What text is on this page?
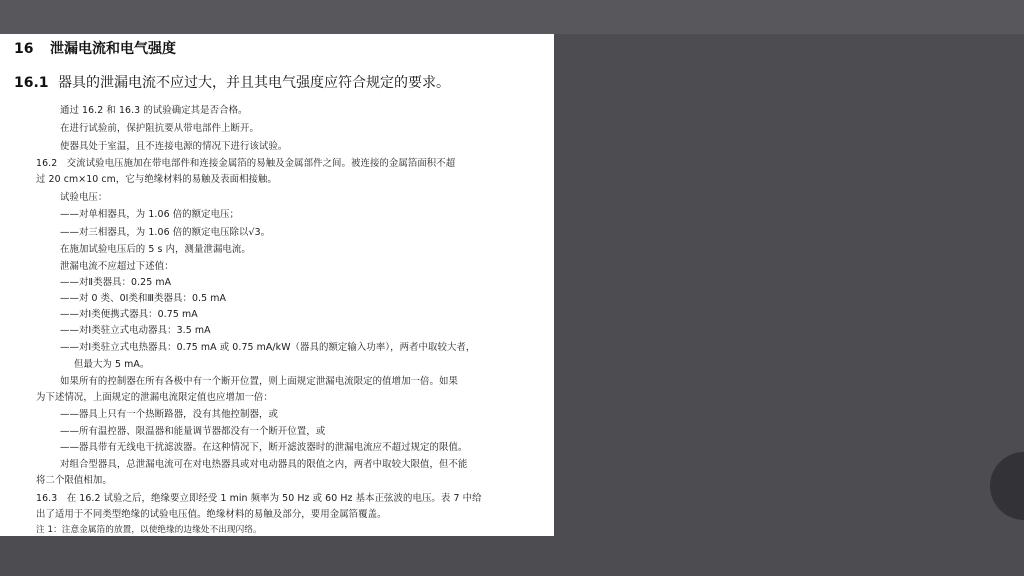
16 泄漏电流和电气强度
16.1 器具的泄漏电流不应过大，并且其电气强度应符合规定的要求。
通过 16.2 和 16.3 的试验确定其是否合格。
在进行试验前，保护阻抗要从带电部件上断开。
使器具处于室温，且不连接电源的情况下进行该试验。
16.2　交流试验电压施加在带电部件和连接金属箔的易触及金属部件之间。被连接的金属箔面积不超
过 20 cm×10 cm，它与绝缘材料的易触及表面相接触。
试验电压：
——对单相器具，为 1.06 倍的额定电压；
——对三相器具，为 1.06 倍的额定电压除以√3。
在施加试验电压后的 5 s 内，测量泄漏电流。
泄漏电流不应超过下述值：
——对Ⅱ类器具：0.25 mA
——对 0 类、0Ⅰ类和Ⅲ类器具：0.5 mA
——对Ⅰ类便携式器具：0.75 mA
——对Ⅰ类驻立式电动器具：3.5 mA
——对Ⅰ类驻立式电热器具：0.75 mA 或 0.75 mA/kW（器具的额定输入功率），两者中取较大者，
但最大为 5 mA。
如果所有的控制器在所有各极中有一个断开位置，则上面规定泄漏电流限定的值增加一倍。如果
为下述情况，上面规定的泄漏电流限定值也应增加一倍：
——器具上只有一个热断路器，没有其他控制器，或
——所有温控器、限温器和能量调节器都没有一个断开位置，或
——器具带有无线电干扰滤波器。在这种情况下，断开滤波器时的泄漏电流应不超过规定的限值。
对组合型器具，总泄漏电流可在对电热器具或对电动器具的限值之内，两者中取较大限值，但不能
将二个限值相加。
16.3　在 16.2 试验之后，绝缘要立即经受 1 min 频率为 50 Hz 或 60 Hz 基本正弦波的电压。表 7 中给
出了适用于不同类型绝缘的试验电压值。绝缘材料的易触及部分，要用金属箔覆盖。
注 1：注意金属箔的放置，以使绝缘的边缘处不出现闪络。
